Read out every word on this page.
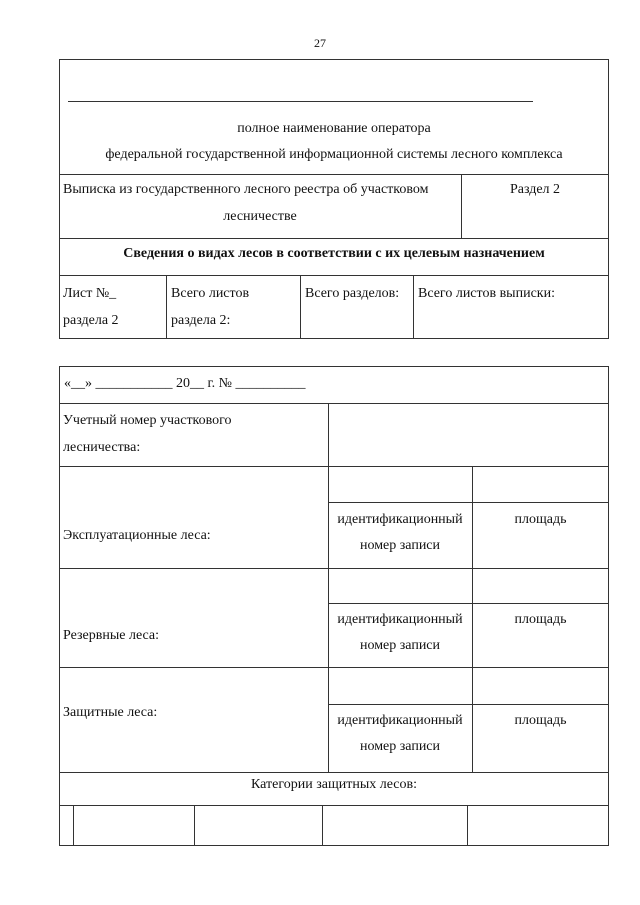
27
полное наименование оператора
федеральной государственной информационной системы лесного комплекса
Выписка из государственного лесного реестра об участковом
лесничестве
Раздел 2
Сведения о видах лесов в соответствии с их целевым назначением
Лист №_
раздела 2
Всего листов
раздела 2:
Всего разделов: Всего листов выписки:
«__» ___________ 20__ г. № __________
Учетный номер участкового
лесничества:
Эксплуатационные леса:
идентификационный
номер записи
площадь
Резервные леса:
идентификационный
номер записи
площадь
Защитные леса:
идентификационный
номер записи
площадь
Категории защитных лесов:
